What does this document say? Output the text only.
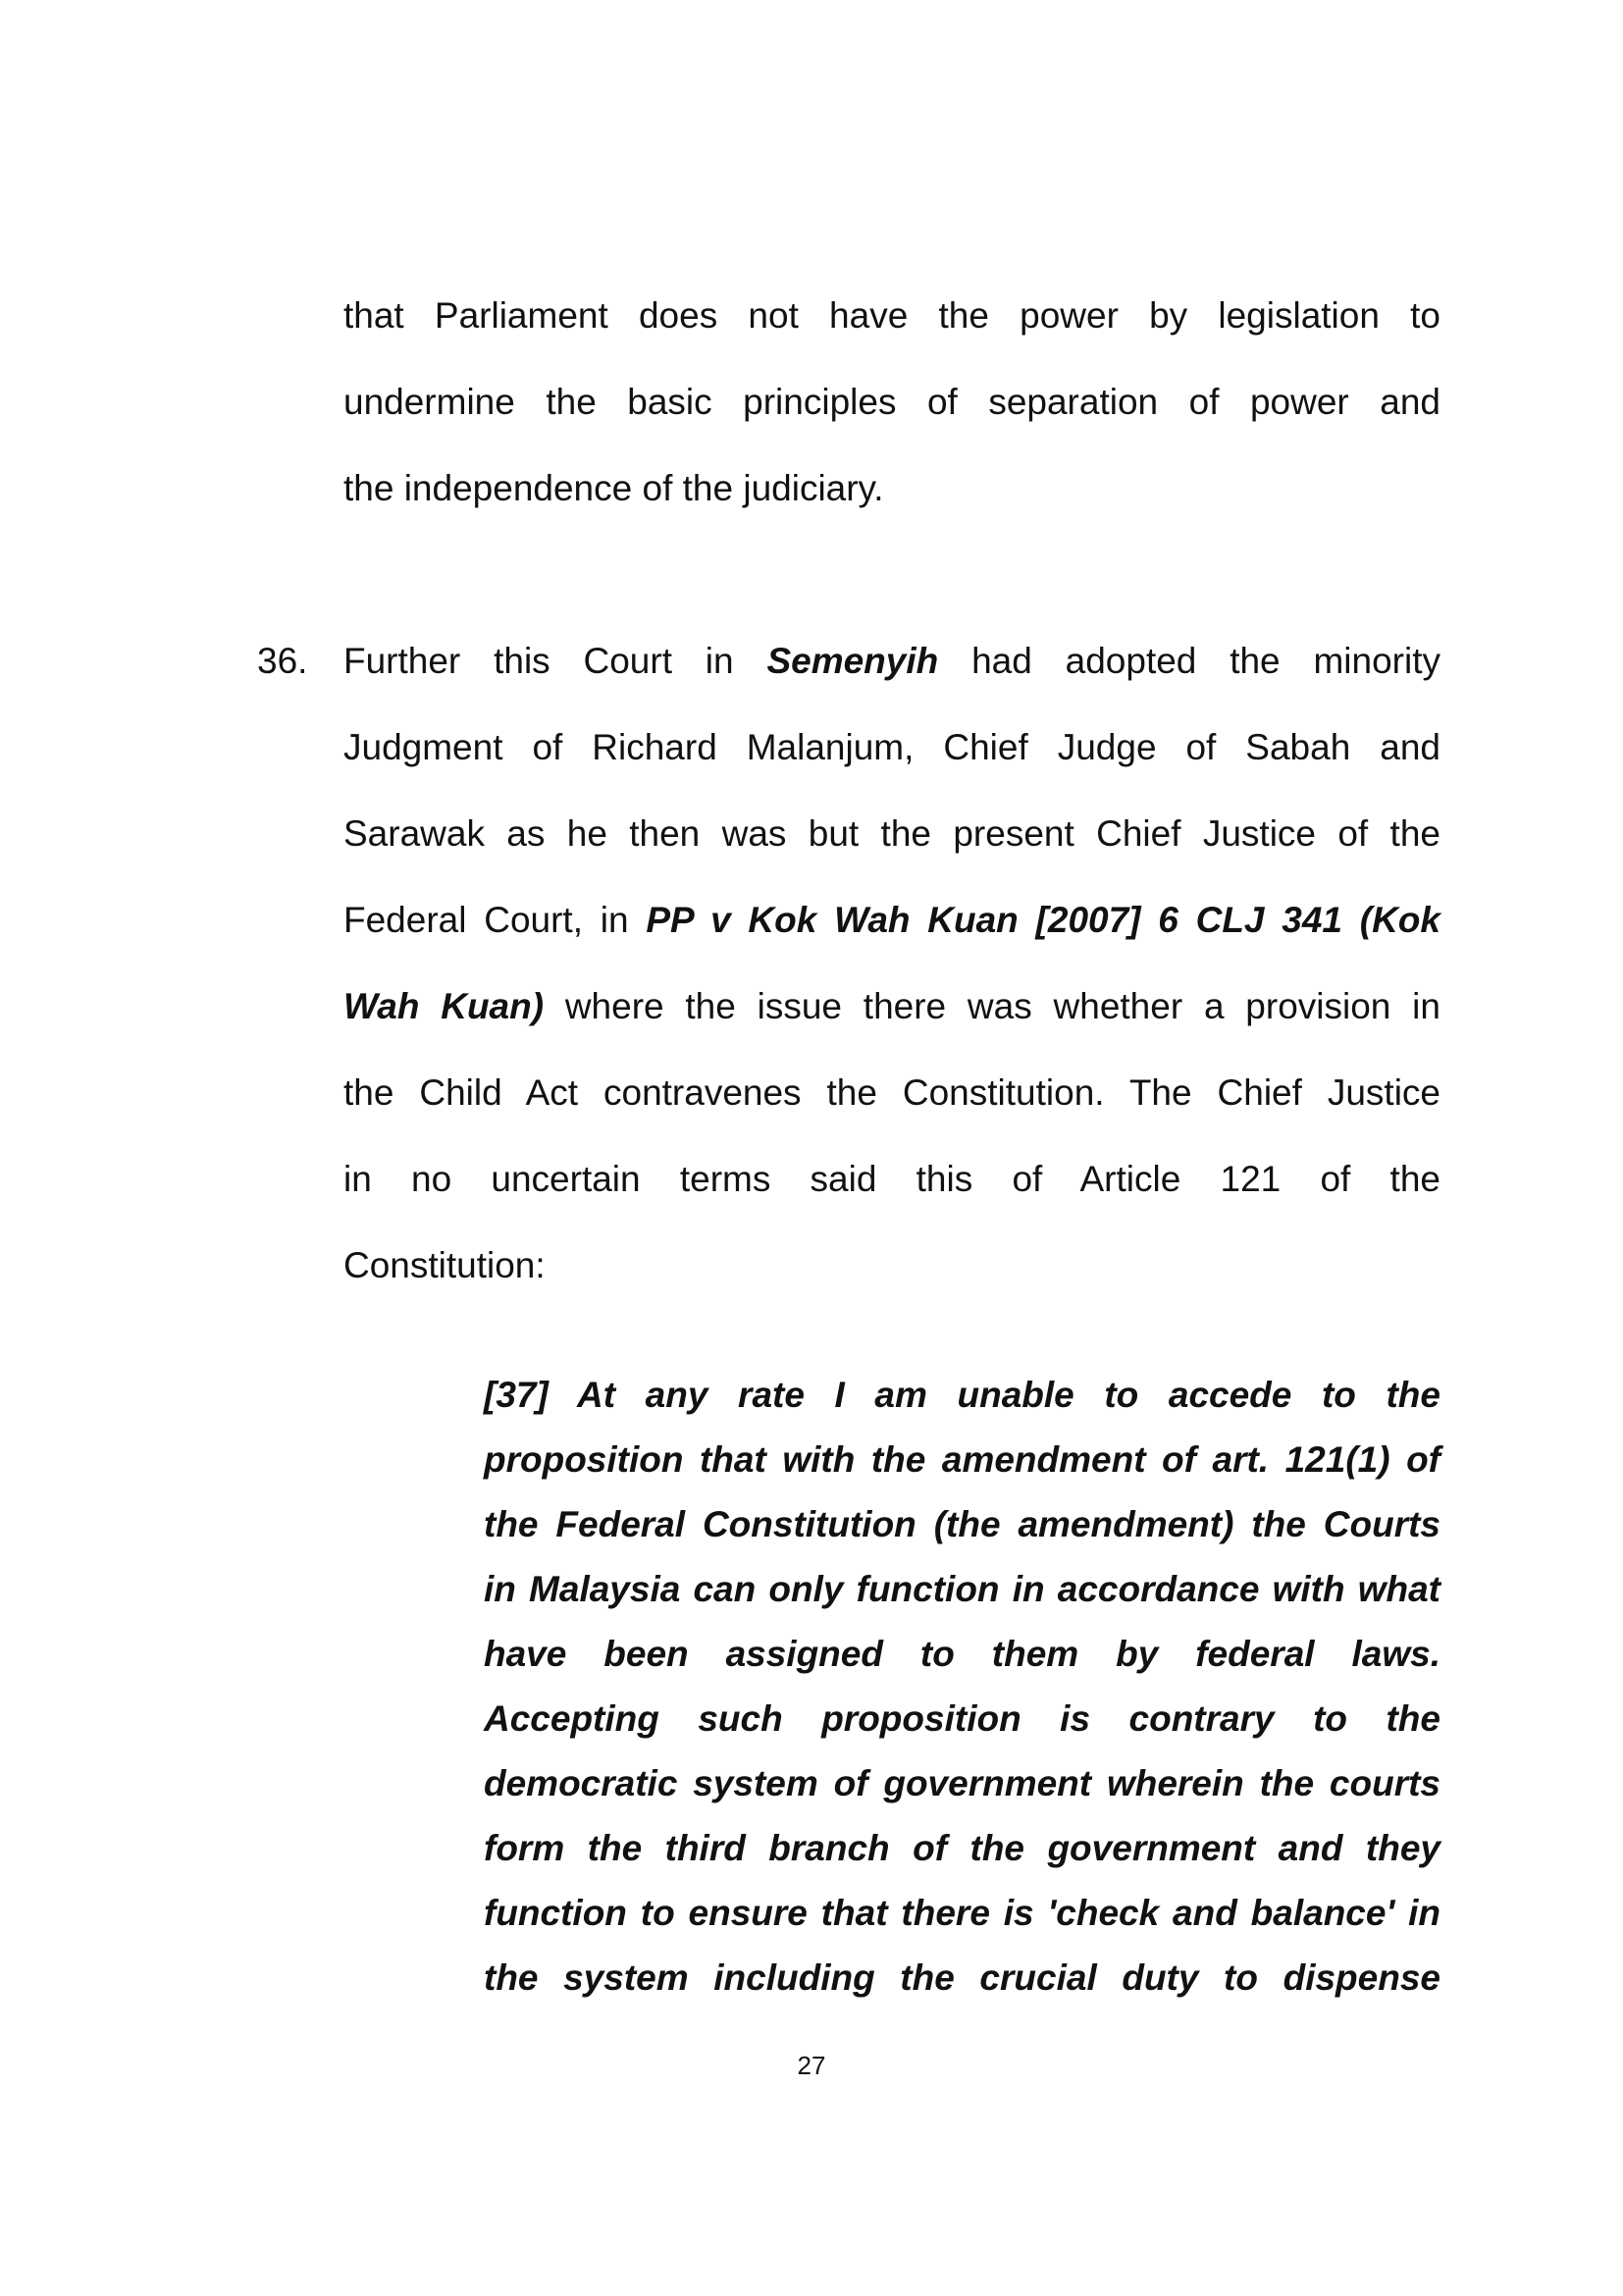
that Parliament does not have the power by legislation to
undermine the basic principles of separation of power and
the independence of the judiciary.
36. Further this Court in Semenyih had adopted the minority
Judgment of Richard Malanjum, Chief Judge of Sabah and
Sarawak as he then was but the present Chief Justice of the
Federal Court, in PP v Kok Wah Kuan [2007] 6 CLJ 341 (Kok
Wah Kuan) where the issue there was whether a provision in
the Child Act contravenes the Constitution. The Chief Justice
in no uncertain terms said this of Article 121 of the
Constitution:
[37] At any rate I am unable to accede to the
proposition that with the amendment of art. 121(1) of
the Federal Constitution (the amendment) the Courts
in Malaysia can only function in accordance with what
have been assigned to them by federal laws.
Accepting such proposition is contrary to the
democratic system of government wherein the courts
form the third branch of the government and they
function to ensure that there is 'check and balance' in
the system including the crucial duty to dispense
27
